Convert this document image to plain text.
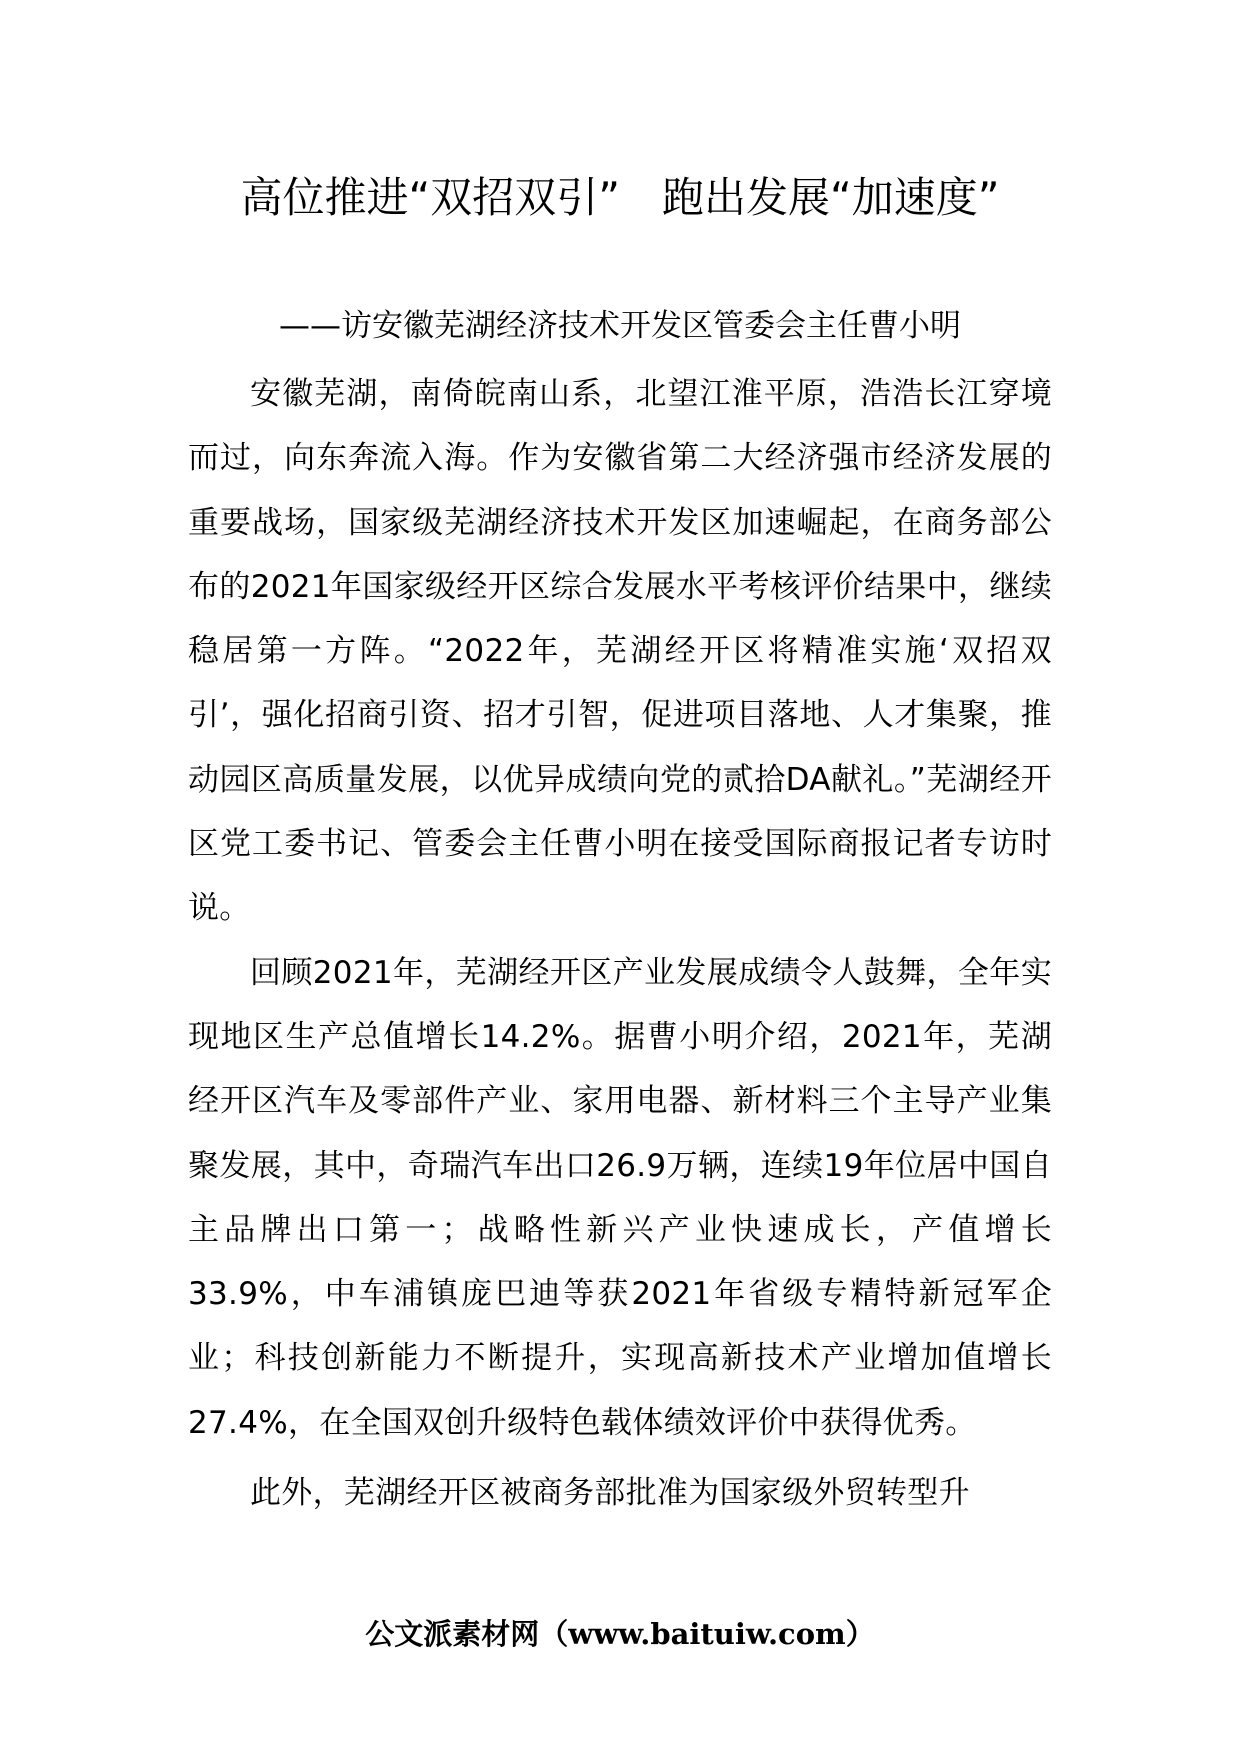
高位推进“双招双引”　跑出发展“加速度”
——访安徽芜湖经济技术开发区管委会主任曹小明

安徽芜湖，南倚皖南山系，北望江淮平原，浩浩长江穿境而过，向东奔流入海。作为安徽省第二大经济强市经济发展的重要战场，国家级芜湖经济技术开发区加速崛起，在商务部公布的2021年国家级经开区综合发展水平考核评价结果中，继续稳居第一方阵。“2022年，芜湖经开区将精准实施‘双招双引’，强化招商引资、招才引智，促进项目落地、人才集聚，推动园区高质量发展，以优异成绩向党的贰拾DA献礼。”芜湖经开区党工委书记、管委会主任曹小明在接受国际商报记者专访时说。

回顾2021年，芜湖经开区产业发展成绩令人鼓舞，全年实现地区生产总值增长14.2%。据曹小明介绍，2021年，芜湖经开区汽车及零部件产业、家用电器、新材料三个主导产业集聚发展，其中，奇瑞汽车出口26.9万辆，连续19年位居中国自主品牌出口第一；战略性新兴产业快速成长，产值增长33.9%，中车浦镇庞巴迪等获2021年省级专精特新冠军企业；科技创新能力不断提升，实现高新技术产业增加值增长27.4%，在全国双创升级特色载体绩效评价中获得优秀。

此外，芜湖经开区被商务部批准为国家级外贸转型升

公文派素材网（www.baituiw.com）
